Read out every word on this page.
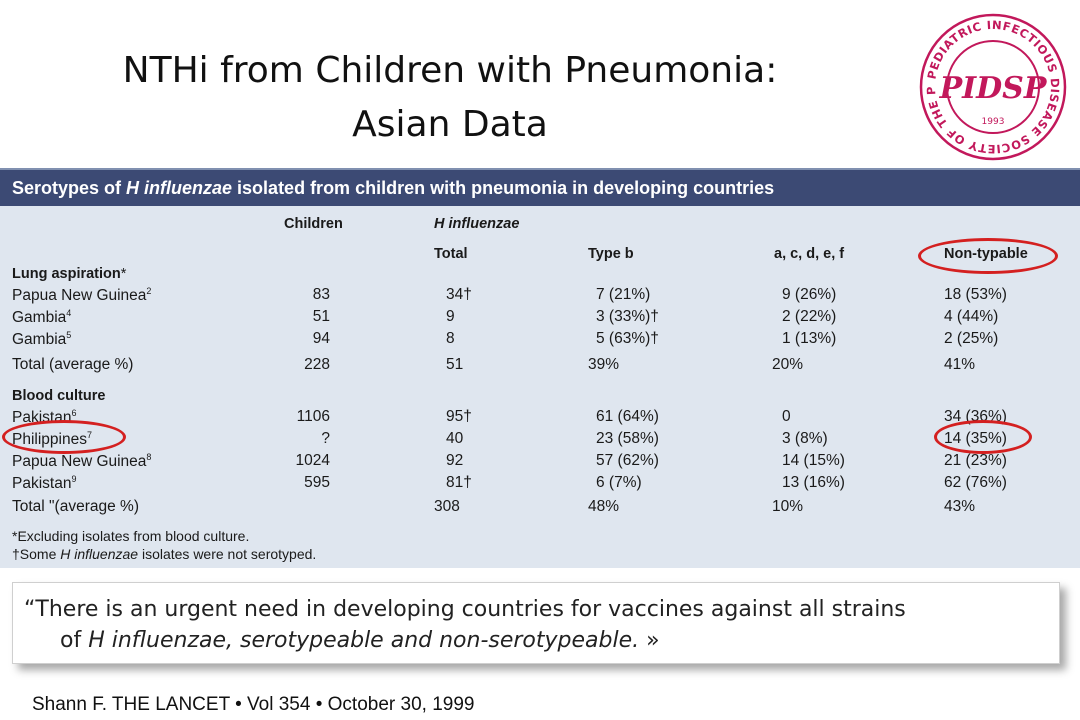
NTHi from Children with Pneumonia:
Asian Data
PEDIATRIC INFECTIOUS DISEASE SOCIETY OF THE P PIDSP
1993
Serotypes of H influenzae isolated from children with pneumonia in developing countries
Children	H influenzae
Total	Type b	a, c, d, e, f	Non-typable
Lung aspiration*
Papua New Guinea$^2$	83	34†	7 (21%)	9 (26%)	18 (53%)
Gambia$^4$	51	9	3 (33%)†	2 (22%)	4 (44%)
Gambia$^5$	94	8	5 (63%)†	1 (13%)	2 (25%)
Total (average %)	228	51	39%	20%	41%
Blood culture
Pakistan$^6$	1106	95†	61 (64%)	0	34 (36%)
Philippines$^7$	?	40	23 (58%)	3 (8%)	14 (35%)
Papua New Guinea$^8$	1024	92	57 (62%)	14 (15%)	21 (23%)
Pakistan$^9$	595	81†	6 (7%)	13 (16%)	62 (76%)
Total "(average %)	308	48%	10%	43%
*Excluding isolates from blood culture.
†Some H influenzae isolates were not serotyped.
“There is an urgent need in developing countries for vaccines against all strains
of H influenzae, serotypeable and non-serotypeable. »
Shann F. THE LANCET • Vol 354 • October 30, 1999
